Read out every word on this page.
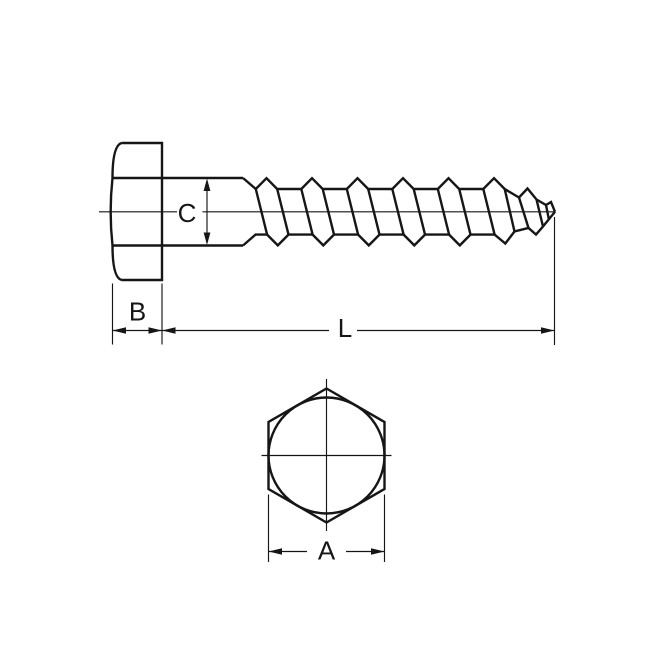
C
B
L
A
